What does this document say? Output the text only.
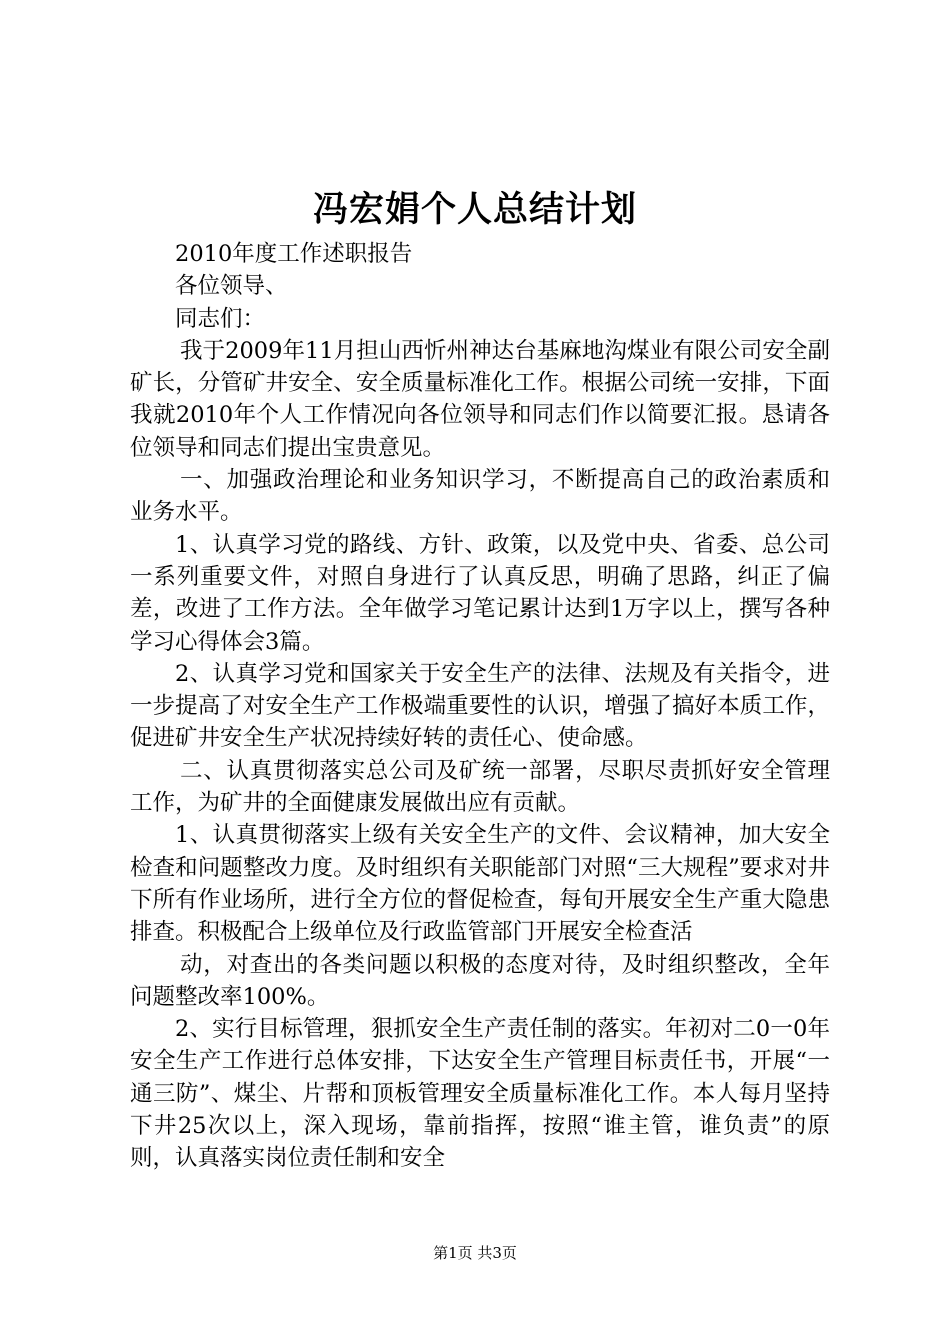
冯宏娟个人总结计划

2010年度工作述职报告

各位领导、

同志们：

我于2009年11月担山西忻州神达台基麻地沟煤业有限公司安全副矿长，分管矿井安全、安全质量标准化工作。根据公司统一安排，下面我就2010年个人工作情况向各位领导和同志们作以简要汇报。恳请各位领导和同志们提出宝贵意见。

一、加强政治理论和业务知识学习，不断提高自己的政治素质和业务水平。

1、认真学习党的路线、方针、政策，以及党中央、省委、总公司一系列重要文件，对照自身进行了认真反思，明确了思路，纠正了偏差，改进了工作方法。全年做学习笔记累计达到1万字以上，撰写各种学习心得体会3篇。

2、认真学习党和国家关于安全生产的法律、法规及有关指令，进一步提高了对安全生产工作极端重要性的认识，增强了搞好本质工作，促进矿井安全生产状况持续好转的责任心、使命感。

二、认真贯彻落实总公司及矿统一部署，尽职尽责抓好安全管理工作，为矿井的全面健康发展做出应有贡献。

1、认真贯彻落实上级有关安全生产的文件、会议精神，加大安全检查和问题整改力度。及时组织有关职能部门对照“三大规程”要求对井下所有作业场所，进行全方位的督促检查，每旬开展安全生产重大隐患排查。积极配合上级单位及行政监管部门开展安全检查活

动，对查出的各类问题以积极的态度对待，及时组织整改，全年问题整改率100%。

2、实行目标管理，狠抓安全生产责任制的落实。年初对二0一0年安全生产工作进行总体安排，下达安全生产管理目标责任书，开展“一通三防”、煤尘、片帮和顶板管理安全质量标准化工作。本人每月坚持下井25次以上，深入现场，靠前指挥，按照“谁主管，谁负责”的原则，认真落实岗位责任制和安全

第1页 共3页
